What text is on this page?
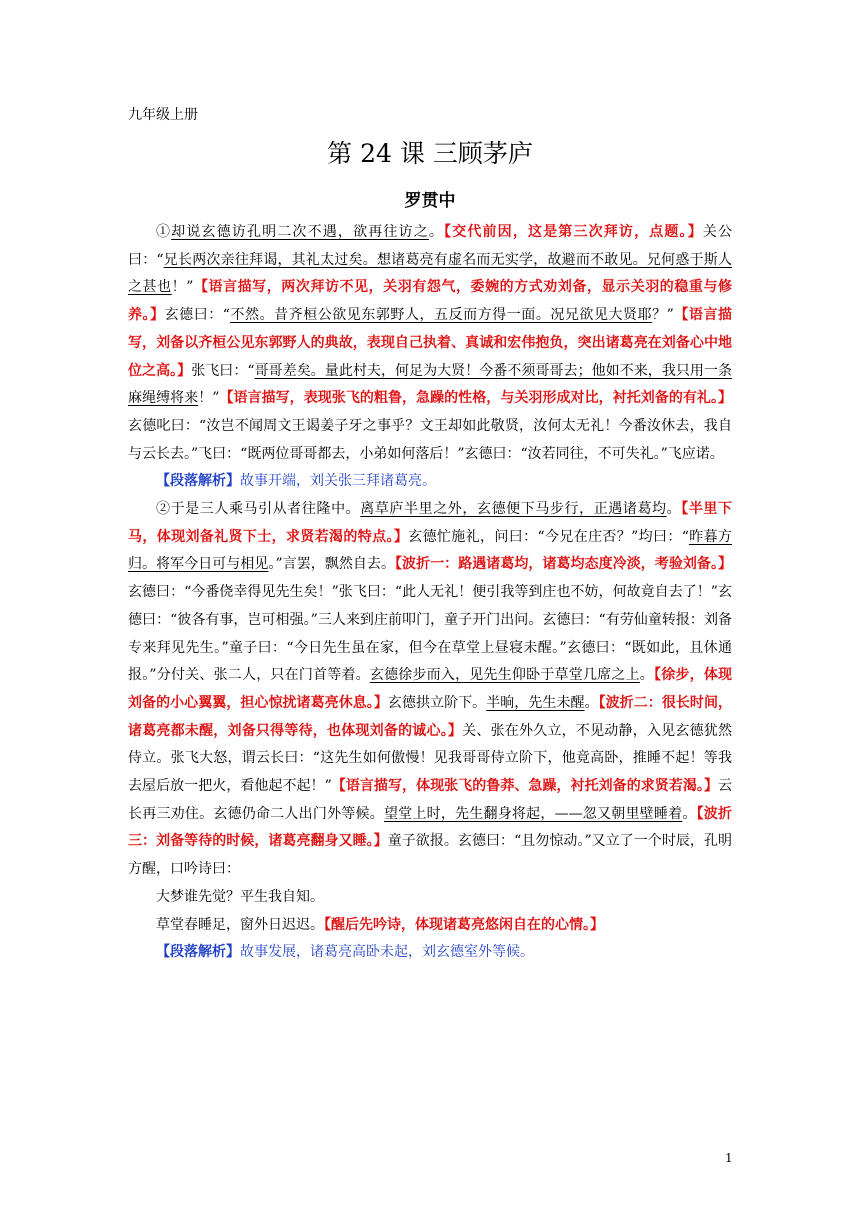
九年级上册
第 24 课 三顾茅庐
罗贯中

①却说玄德访孔明二次不遇，欲再往访之。【交代前因，这是第三次拜访，点题。】关公曰：“兄长两次亲往拜谒，其礼太过矣。想诸葛亮有虚名而无实学，故避而不敢见。兄何惑于斯人之甚也！”【语言描写，两次拜访不见，关羽有怨气，委婉的方式劝刘备，显示关羽的稳重与修养。】玄德曰：“不然。昔齐桓公欲见东郭野人，五反而方得一面。况兄欲见大贤耶？”【语言描写，刘备以齐桓公见东郭野人的典故，表现自己执着、真诚和宏伟抱负，突出诸葛亮在刘备心中地位之高。】张飞曰：“哥哥差矣。量此村夫，何足为大贤！今番不须哥哥去；他如不来，我只用一条麻绳缚将来！”【语言描写，表现张飞的粗鲁，急躁的性格，与关羽形成对比，衬托刘备的有礼。】玄德叱曰：“汝岂不闻周文王谒姜子牙之事乎？文王却如此敬贤，汝何太无礼！今番汝休去，我自与云长去。”飞曰：“既两位哥哥都去，小弟如何落后！”玄德曰：“汝若同往，不可失礼。”飞应诺。

【段落解析】故事开端，刘关张三拜诸葛亮。

②于是三人乘马引从者往隆中。离草庐半里之外，玄德便下马步行，正遇诸葛均。【半里下马，体现刘备礼贤下士，求贤若渴的特点。】玄德忙施礼，问曰：“今兄在庄否？”均曰：“昨暮方归。将军今日可与相见。”言罢，飘然自去。【波折一：路遇诸葛均，诸葛均态度冷淡，考验刘备。】玄德曰：“今番侥幸得见先生矣！”张飞曰：“此人无礼！便引我等到庄也不妨，何故竟自去了！”玄德曰：“彼各有事，岂可相强。”三人来到庄前叩门，童子开门出问。玄德曰：“有劳仙童转报：刘备专来拜见先生。”童子曰：“今日先生虽在家，但今在草堂上昼寝未醒。”玄德曰：“既如此，且休通报。”分付关、张二人，只在门首等着。玄德徐步而入，见先生仰卧于草堂几席之上。【徐步，体现刘备的小心翼翼，担心惊扰诸葛亮休息。】玄德拱立阶下。半晌，先生未醒。【波折二：很长时间，诸葛亮都未醒，刘备只得等待，也体现刘备的诚心。】关、张在外久立，不见动静，入见玄德犹然侍立。张飞大怒，谓云长曰：“这先生如何傲慢！见我哥哥侍立阶下，他竟高卧，推睡不起！等我去屋后放一把火，看他起不起！”【语言描写，体现张飞的鲁莽、急躁，衬托刘备的求贤若渴。】云长再三劝住。玄德仍命二人出门外等候。望堂上时，先生翻身将起，——忽又朝里壁睡着。【波折三：刘备等待的时候，诸葛亮翻身又睡。】童子欲报。玄德曰：“且勿惊动。”又立了一个时辰，孔明方醒，口吟诗曰：

大梦谁先觉？平生我自知。

草堂春睡足，窗外日迟迟。【醒后先吟诗，体现诸葛亮悠闲自在的心情。】

【段落解析】故事发展，诸葛亮高卧未起，刘玄德室外等候。

1
